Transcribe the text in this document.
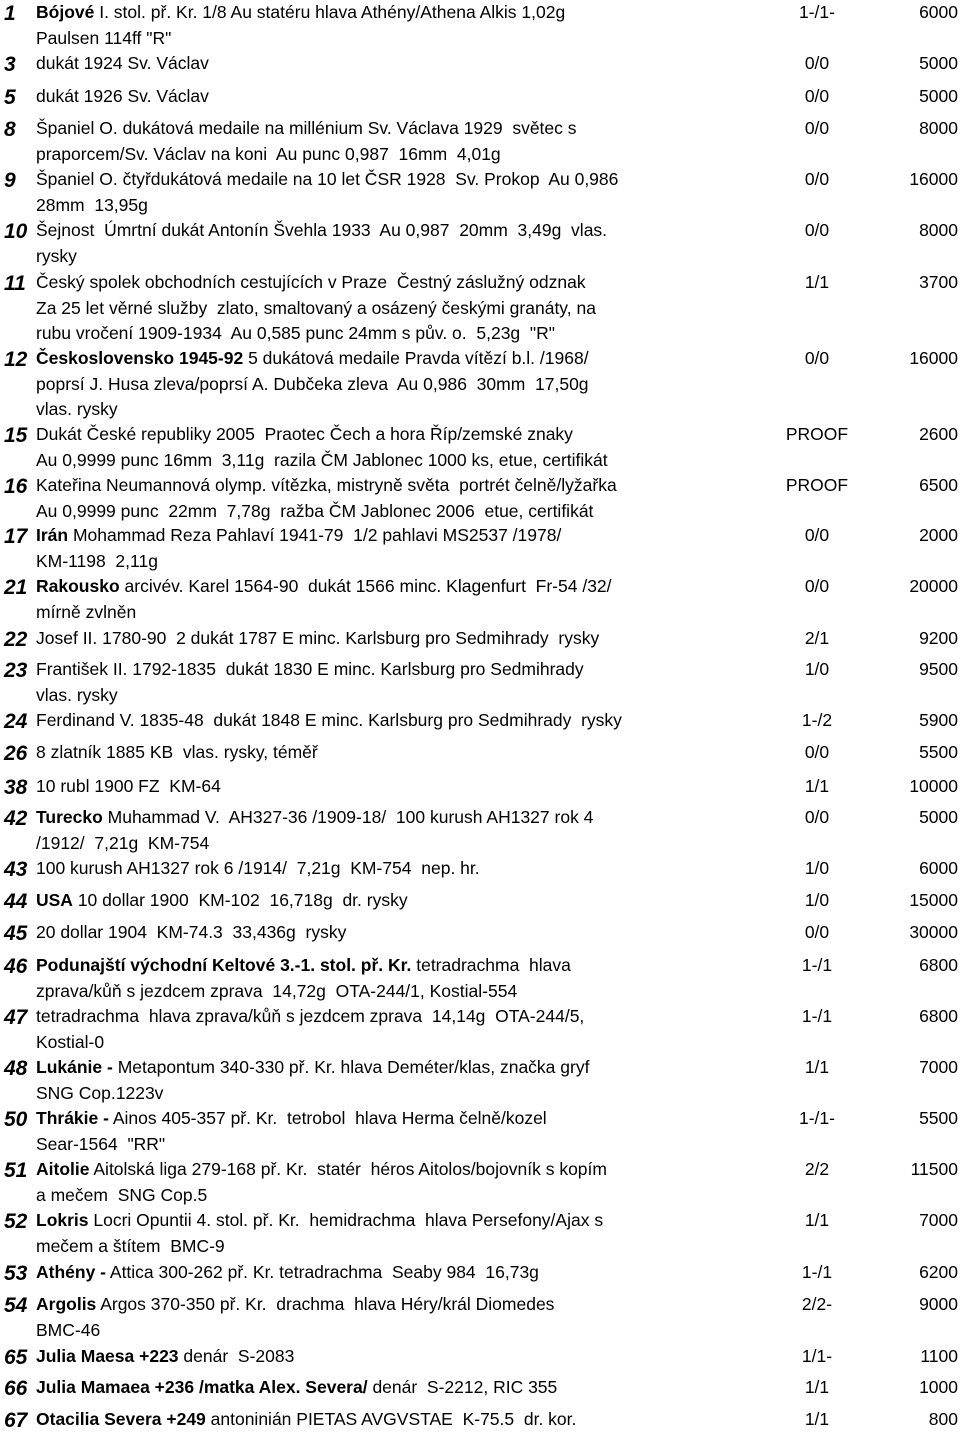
1 Bójové I. stol. př. Kr. 1/8 Au statéru hlava Athény/Athena Alkis 1,02g
Paulsen 114ff "R"
1-/1-	6000
3 dukát 1924 Sv. Václav	0/0	5000
5 dukát 1926 Sv. Václav	0/0	5000
8 Španiel O. dukátová medaile na millénium Sv. Václava 1929  světec s
praporcem/Sv. Václav na koni  Au punc 0,987  16mm  4,01g
0/0	8000
9 Španiel O. čtyřdukátová medaile na 10 let ČSR 1928  Sv. Prokop  Au 0,986
28mm  13,95g
0/0	16000
10 Šejnost  Úmrtní dukát Antonín Švehla 1933  Au 0,987  20mm  3,49g  vlas.
rysky
0/0	8000
11 Český spolek obchodních cestujících v Praze  Čestný záslužný odznak
Za 25 let věrné služby  zlato, smaltovaný a osázený českými granáty, na
rubu vročení 1909-1934  Au 0,585 punc 24mm s pův. o.  5,23g  "R"
1/1	3700
12 Československo 1945-92 5 dukátová medaile Pravda vítězí b.l. /1968/
poprsí J. Husa zleva/poprsí A. Dubčeka zleva  Au 0,986  30mm  17,50g
vlas. rysky
0/0	16000
15 Dukát České republiky 2005  Praotec Čech a hora Říp/zemské znaky
Au 0,9999 punc 16mm  3,11g  razila ČM Jablonec 1000 ks, etue, certifikát
PROOF	2600
16 Kateřina Neumannová olymp. vítězka, mistryně světa  portrét čelně/lyžařka
Au 0,9999 punc  22mm  7,78g  ražba ČM Jablonec 2006  etue, certifikát
PROOF	6500
17 Irán Mohammad Reza Pahlaví 1941-79  1/2 pahlavi MS2537 /1978/
KM-1198  2,11g
0/0	2000
21 Rakousko arcivév. Karel 1564-90  dukát 1566 minc. Klagenfurt  Fr-54 /32/
mírně zvlněn
0/0	20000
22 Josef II. 1780-90  2 dukát 1787 E minc. Karlsburg pro Sedmihrady  rysky	2/1	9200
23 František II. 1792-1835  dukát 1830 E minc. Karlsburg pro Sedmihrady
vlas. rysky
1/0	9500
24 Ferdinand V. 1835-48  dukát 1848 E minc. Karlsburg pro Sedmihrady  rysky	1-/2	5900
26 8 zlatník 1885 KB  vlas. rysky, téměř	0/0	5500
38 10 rubl 1900 FZ  KM-64	1/1	10000
42 Turecko Muhammad V.  AH327-36 /1909-18/  100 kurush AH1327 rok 4
/1912/  7,21g  KM-754
0/0	5000
43 100 kurush AH1327 rok 6 /1914/  7,21g  KM-754  nep. hr.	1/0	6000
44 USA 10 dollar 1900  KM-102  16,718g  dr. rysky	1/0	15000
45 20 dollar 1904  KM-74.3  33,436g  rysky	0/0	30000
46 Podunajští východní Keltové 3.-1. stol. př. Kr. tetradrachma  hlava
zprava/kůň s jezdcem zprava  14,72g  OTA-244/1, Kostial-554
1-/1	6800
47 tetradrachma  hlava zprava/kůň s jezdcem zprava  14,14g  OTA-244/5,
Kostial-0
1-/1	6800
48 Lukánie - Metapontum 340-330 př. Kr. hlava Deméter/klas, značka gryf
SNG Cop.1223v
1/1	7000
50 Thrákie - Ainos 405-357 př. Kr.  tetrobol  hlava Herma čelně/kozel
Sear-1564  "RR"
1-/1-	5500
51 Aitolie Aitolská liga 279-168 př. Kr.  statér  héros Aitolos/bojovník s kopím
a mečem  SNG Cop.5
2/2	11500
52 Lokris Locri Opuntii 4. stol. př. Kr.  hemidrachma  hlava Persefony/Ajax s
mečem a štítem  BMC-9
1/1	7000
53 Athény - Attica 300-262 př. Kr. tetradrachma  Seaby 984  16,73g	1-/1	6200
54 Argolis Argos 370-350 př. Kr.  drachma  hlava Héry/král Diomedes
BMC-46
2/2-	9000
65 Julia Maesa +223 denár  S-2083	1/1-	1100
66 Julia Mamaea +236 /matka Alex. Severa/ denár  S-2212, RIC 355	1/1	1000
67 Otacilia Severa +249 antoninián PIETAS AVGVSTAE  K-75.5  dr. kor.	1/1	800
